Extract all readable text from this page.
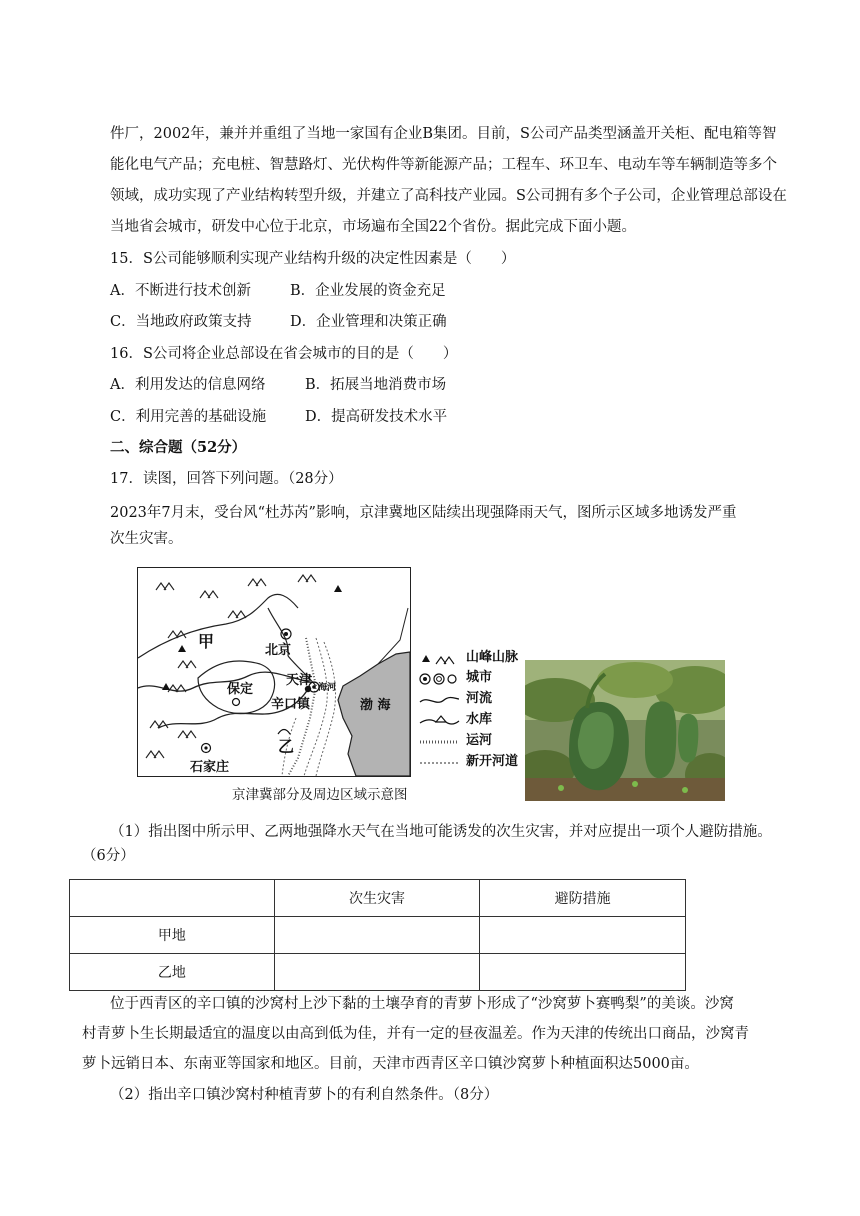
件厂，2002年，兼并并重组了当地一家国有企业B集团。目前，S公司产品类型涵盖开关柜、配电箱等智
能化电气产品；充电桩、智慧路灯、光伏构件等新能源产品；工程车、环卫车、电动车等车辆制造等多个
领域，成功实现了产业结构转型升级，并建立了高科技产业园。S公司拥有多个子公司，企业管理总部设在
当地省会城市，研发中心位于北京，市场遍布全国22个省份。据此完成下面小题。
15．S公司能够顺利实现产业结构升级的决定性因素是（　　）
A．不断进行技术创新	B．企业发展的资金充足
C．当地政府政策支持	D．企业管理和决策正确
16．S公司将企业总部设在省会城市的目的是（　　）
A．利用发达的信息网络	B．拓展当地消费市场
C．利用完善的基础设施	D．提高研发技术水平
二、综合题（52分）
17．读图，回答下列问题。（28分）
2023年7月末，受台风“杜苏芮”影响，京津冀地区陆续出现强降雨天气，图所示区域多地诱发严重
次生灾害。
甲	北京
天津 海河
辛口镇
保定
石家庄
渤 海
乙
京津冀部分及周边区域示意图
山峰山脉
城市
河流
水库
运河
新开河道
（1）指出图中所示甲、乙两地强降水天气在当地可能诱发的次生灾害，并对应提出一项个人避防措施。
（6分）
	次生灾害	避防措施
甲地		
乙地		
位于西青区的辛口镇的沙窝村上沙下黏的土壤孕育的青萝卜形成了“沙窝萝卜赛鸭梨”的美谈。沙窝
村青萝卜生长期最适宜的温度以由高到低为佳，并有一定的昼夜温差。作为天津的传统出口商品，沙窝青
萝卜远销日本、东南亚等国家和地区。目前，天津市西青区辛口镇沙窝萝卜种植面积达5000亩。
（2）指出辛口镇沙窝村种植青萝卜的有利自然条件。（8分）
